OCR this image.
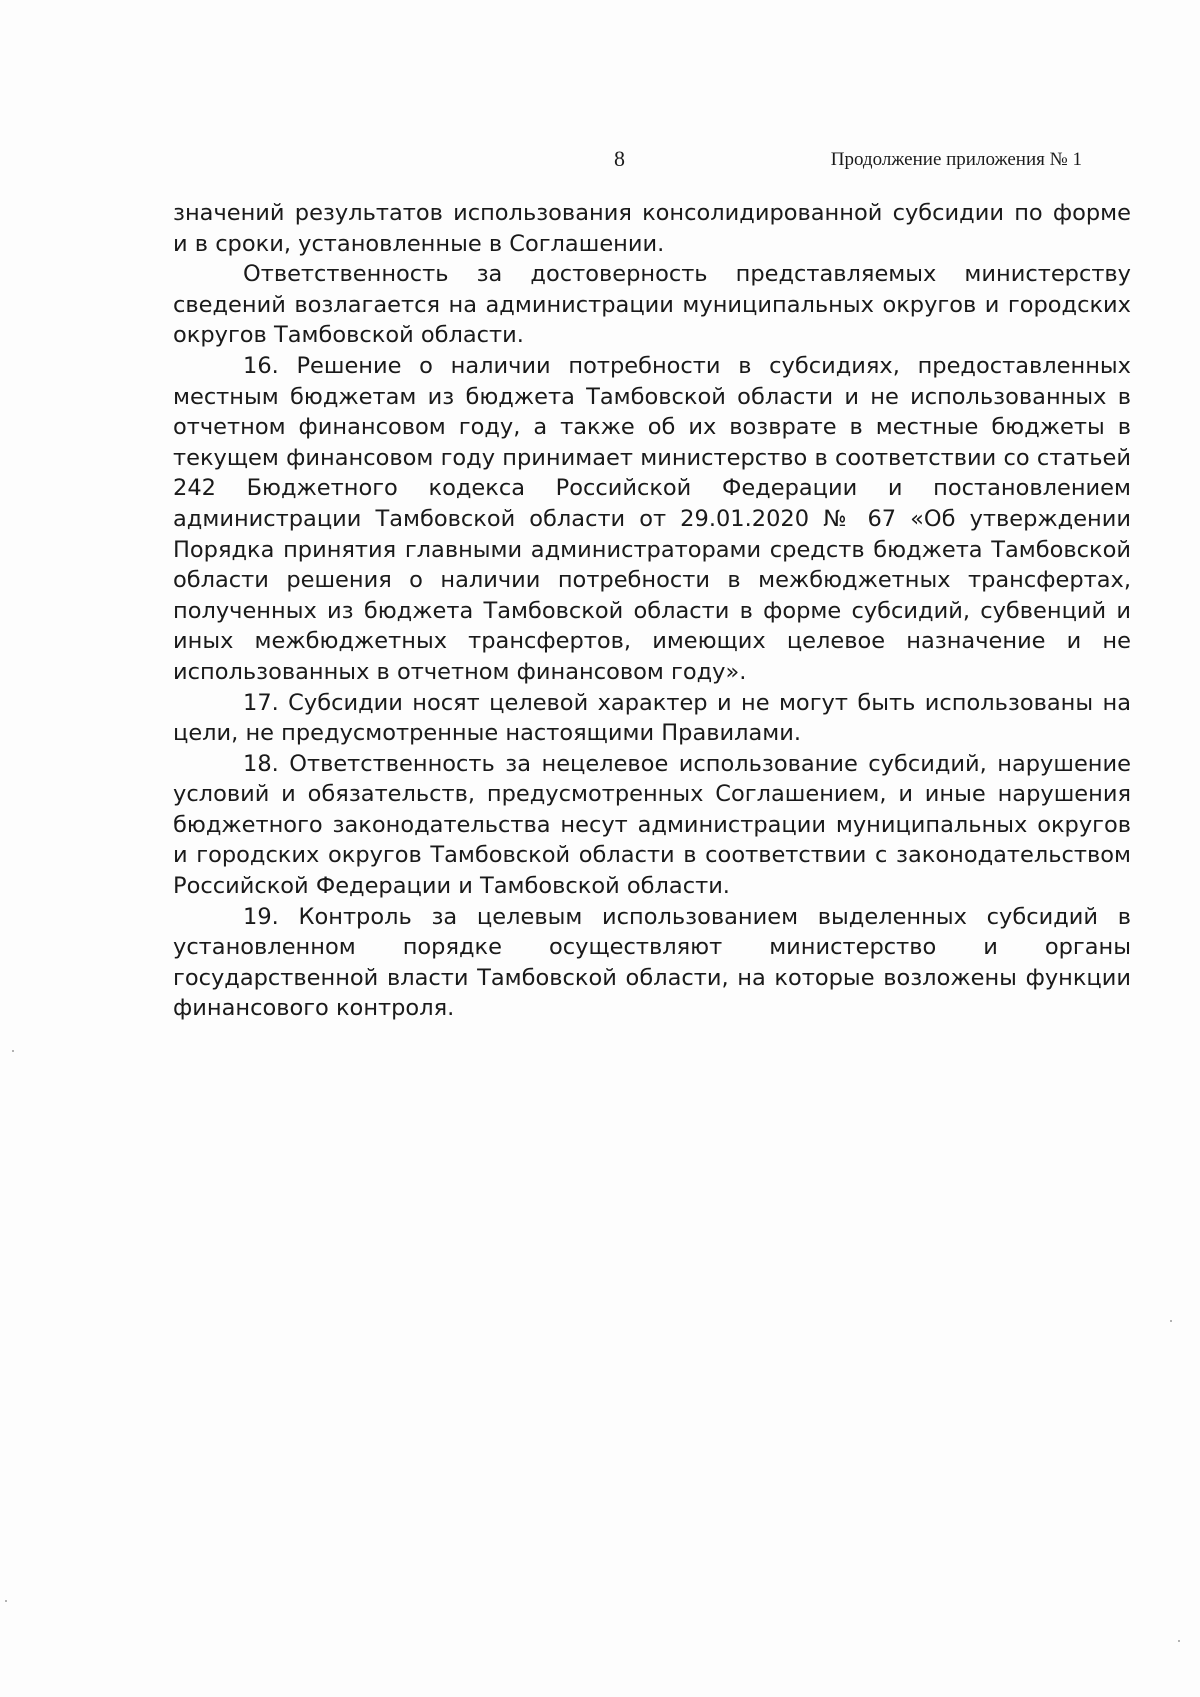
8	Продолжение приложения № 1

значений результатов использования консолидированной субсидии по форме и в сроки, установленные в Соглашении.

Ответственность за достоверность представляемых министерству сведений возлагается на администрации муниципальных округов и городских округов Тамбовской области.

16. Решение о наличии потребности в субсидиях, предоставленных местным бюджетам из бюджета Тамбовской области и не использованных в отчетном финансовом году, а также об их возврате в местные бюджеты в текущем финансовом году принимает министерство в соответствии со статьей 242 Бюджетного кодекса Российской Федерации и постановлением администрации Тамбовской области от 29.01.2020 № 67 «Об утверждении Порядка принятия главными администраторами средств бюджета Тамбовской области решения о наличии потребности в межбюджетных трансфертах, полученных из бюджета Тамбовской области в форме субсидий, субвенций и иных межбюджетных трансфертов, имеющих целевое назначение и не использованных в отчетном финансовом году».

17. Субсидии носят целевой характер и не могут быть использованы на цели, не предусмотренные настоящими Правилами.

18. Ответственность за нецелевое использование субсидий, нарушение условий и обязательств, предусмотренных Соглашением, и иные нарушения бюджетного законодательства несут администрации муниципальных округов и городских округов Тамбовской области в соответствии с законодательством Российской Федерации и Тамбовской области.

19. Контроль за целевым использованием выделенных субсидий в установленном порядке осуществляют министерство и органы государственной власти Тамбовской области, на которые возложены функции финансового контроля.
